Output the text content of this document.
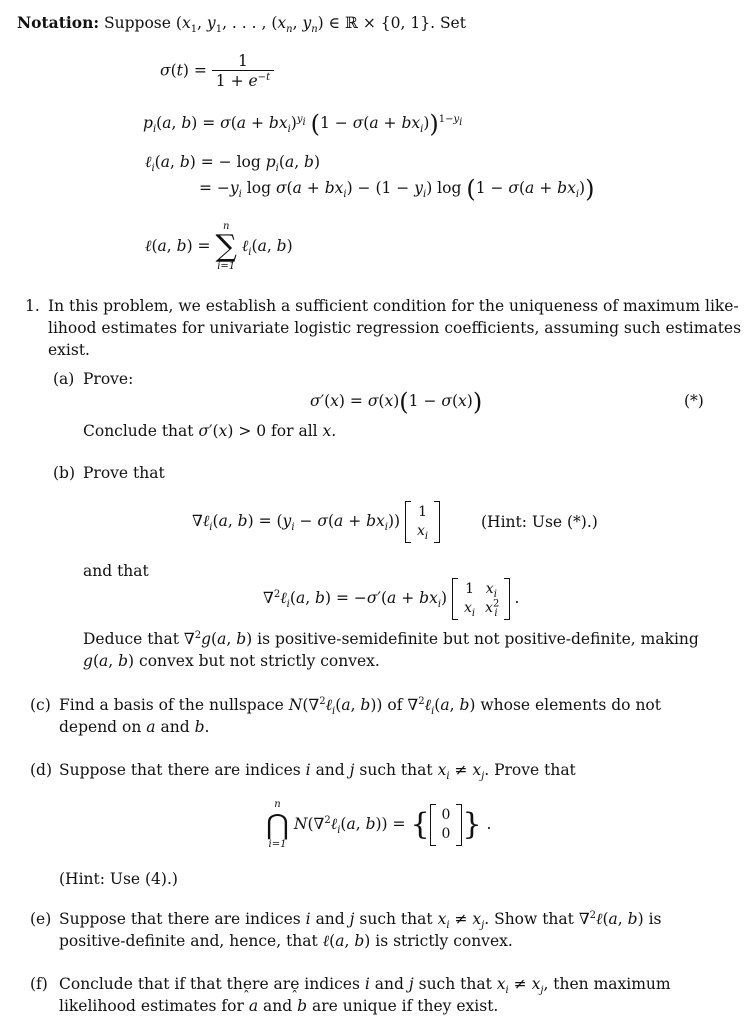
Notation: Suppose ($x_1$, $y_1$, . . . , ($x_n$, $y_n$) ∈ ℝ × {0, 1}. Set
$\sigma(t) = \frac{1}{1 + e^{-t}}$
$p_i(a$, $b) = \sigma(a + bx_i)^{y_i}$ $(1 - \sigma(a + bx_i))^{1-y_i}$
ℓ$_i$(a, b) = − $\log p_i(a$, b)
= $-y_i$ $\log \sigma(a + bx_i) - (1 - y_i)$ $\log (1 - \sigma(a + bx_i))$
ℓ(a, b) =
n
∑
i=1
ℓ$_i$(a, b)
1. In this problem, we establish a sufficient condition for the uniqueness of maximum like-
lihood estimates for univariate logistic regression coefficients, assuming such estimates
exist.
(a) Prove:
σ′(x) = σ(x)(1 − σ(x))	(*)
Conclude that σ′(x) > 0 for all x.
(b) Prove that
∇ℓ$_i$(a, $b) = (y_i - \sigma(a + bx_i))$ 1
$x_i$
(Hint: Use (*).)
and that
∇$^2$ℓ$_i$(a, $b) = -\sigma'(a + bx_i)$ 1	$x_i$
$x_i$	$x^2_i$
.
Deduce that ∇$^2$g(a, b) is positive-semidefinite but not positive-definite, making
g(a, b) convex but not strictly convex.
(c) Find a basis of the nullspace N(∇$^2$ℓ$_i$(a, b)) of ∇$^2$ℓ$_i$(a, b) whose elements do not
depend on a and b.
(d) Suppose that there are indices i and j such that $x_i \ne x_j$. Prove that
n
⋂
i=1
N(∇$^2$ℓ$_i$(a, b)) = { 0
0 } .
(Hint: Use (4).)
(e) Suppose that there are indices i and j such that $x_i \ne x_j$. Show that ∇$^2$ℓ(a, b) is
positive-definite and, hence, that ℓ(a, b) is strictly convex.
(f) Conclude that if that there are indices i and j such that $x_i \ne x_j$, then maximum
likelihood estimates for ̂ a and ̂ b are unique if they exist.
